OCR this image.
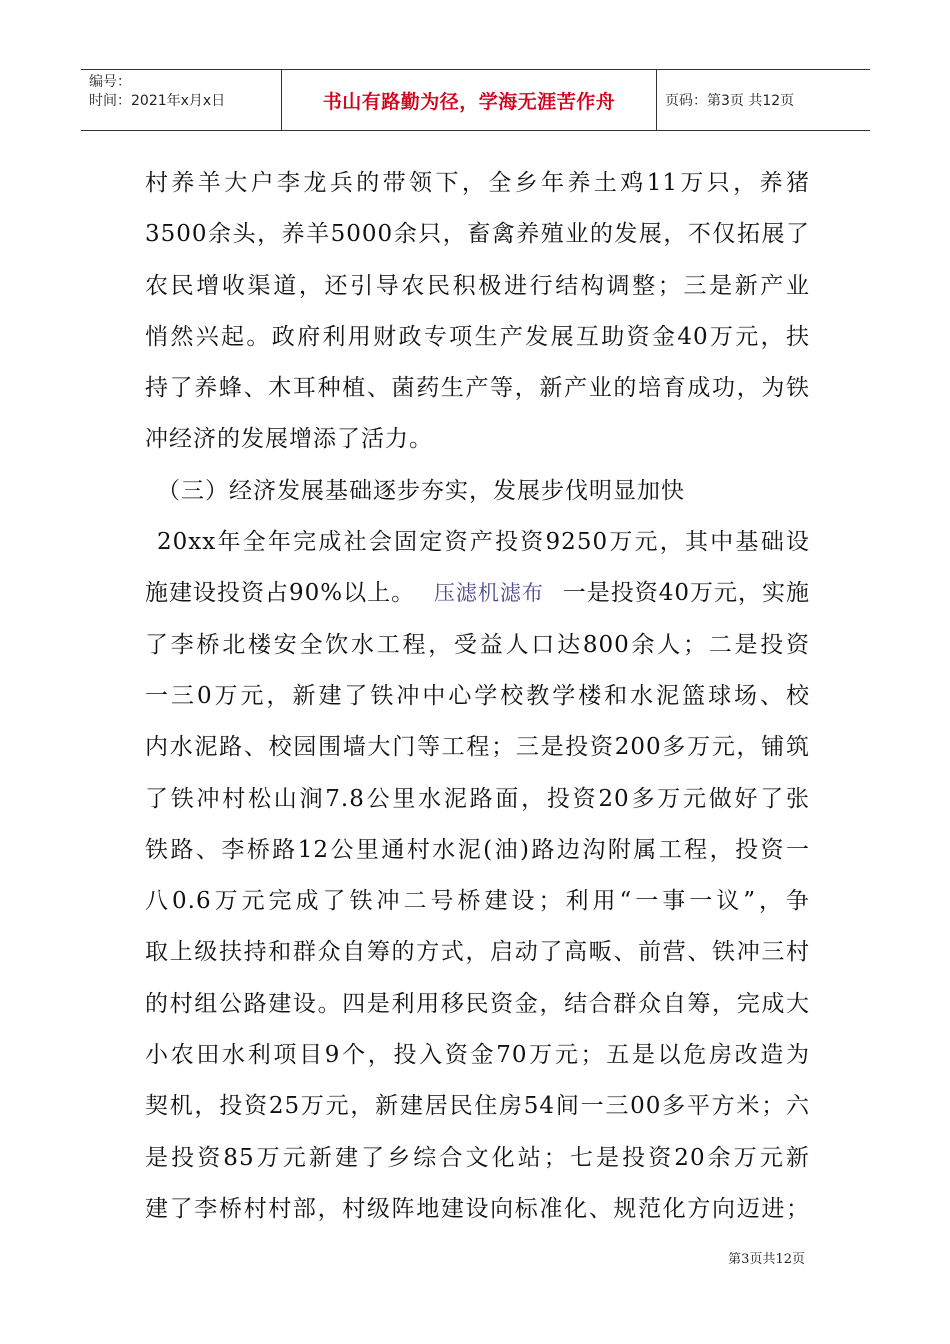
编号：
时间：2021年x月x日	书山有路勤为径，学海无涯苦作舟	页码：第3页 共12页
村养羊大户李龙兵的带领下，全乡年养土鸡11万只，养猪
3500余头，养羊5000余只，畜禽养殖业的发展，不仅拓展了
农民增收渠道，还引导农民积极进行结构调整；三是新产业
悄然兴起。政府利用财政专项生产发展互助资金40万元，扶
持了养蜂、木耳种植、菌药生产等，新产业的培育成功，为铁
冲经济的发展增添了活力。
（三）经济发展基础逐步夯实，发展步伐明显加快
20xx年全年完成社会固定资产投资9250万元，其中基础设
施建设投资占90%以上。 压滤机滤布 一是投资40万元，实施
了李桥北楼安全饮水工程，受益人口达800余人；二是投资
一三0万元，新建了铁冲中心学校教学楼和水泥篮球场、校
内水泥路、校园围墙大门等工程；三是投资200多万元，铺筑
了铁冲村松山涧7.8公里水泥路面，投资20多万元做好了张
铁路、李桥路12公里通村水泥(油)路边沟附属工程，投资一
八0.6万元完成了铁冲二号桥建设；利用“一事一议”，争
取上级扶持和群众自筹的方式，启动了高畈、前营、铁冲三村
的村组公路建设。四是利用移民资金，结合群众自筹，完成大
小农田水利项目9个，投入资金70万元；五是以危房改造为
契机，投资25万元，新建居民住房54间一三00多平方米；六
是投资85万元新建了乡综合文化站；七是投资20余万元新
建了李桥村村部，村级阵地建设向标准化、规范化方向迈进；
第3页共12页
